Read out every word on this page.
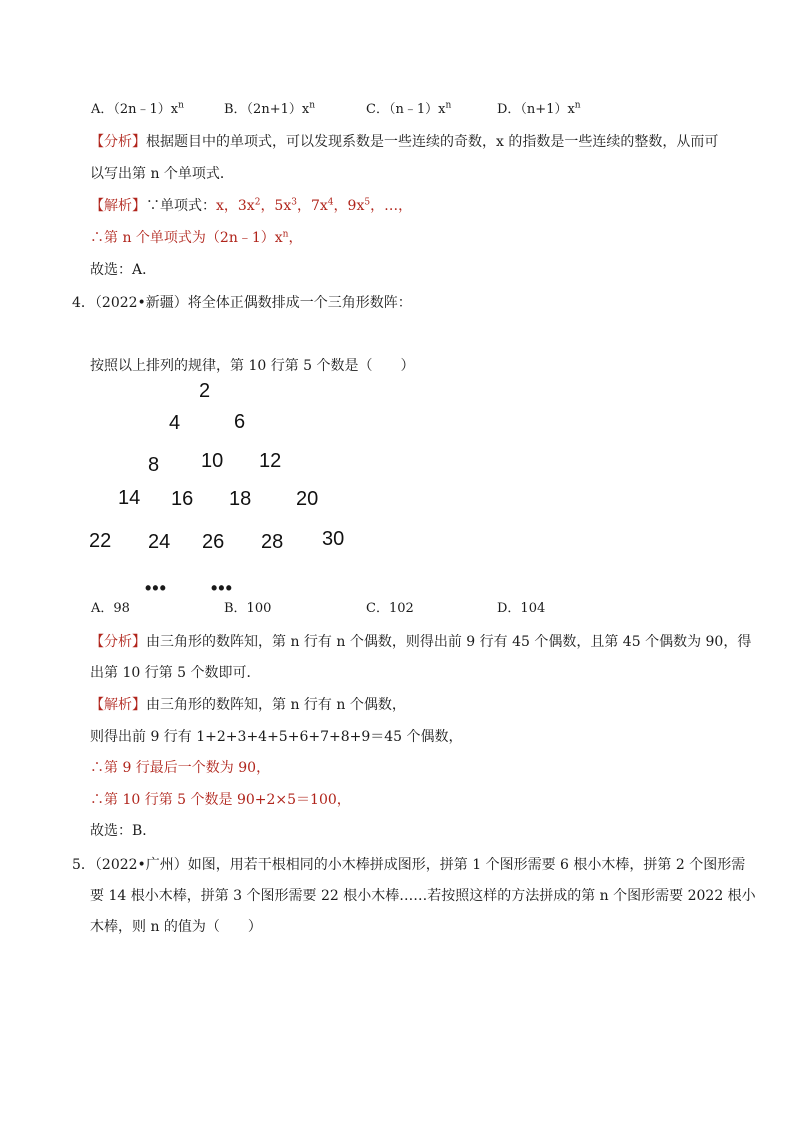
A．$(2n﹣1)x^n$	B．$(2n+1)x^n$	C．$(n﹣1)x^n$	D．$(n+1)x^n$
【分析】根据题目中的单项式，可以发现系数是一些连续的奇数，x 的指数是一些连续的整数，从而可
以写出第 n 个单项式．
【解析】∵单项式：x，$3x^2$，$5x^3$，$7x^4$，$9x^5$，…，
∴第 n 个单项式为$(2n﹣1)x^n$，
故选：A．
4．（2022•新疆）将全体正偶数排成一个三角形数阵：
按照以上排列的规律，第 10 行第 5 个数是（　　）
2
4	6
8 10 12
14 16 18 20
22 24 26 28 30
••• •••
A．98	B．100	C．102	D．104
【分析】由三角形的数阵知，第 n 行有 n 个偶数，则得出前 9 行有 45 个偶数，且第 45 个偶数为 90，得
出第 10 行第 5 个数即可．
【解析】由三角形的数阵知，第 n 行有 n 个偶数，
则得出前 9 行有 1+2+3+4+5+6+7+8+9＝45 个偶数，
∴第 9 行最后一个数为 90，
∴第 10 行第 5 个数是 90+2×5＝100，
故选：B．
5．（2022•广州）如图，用若干根相同的小木棒拼成图形，拼第 1 个图形需要 6 根小木棒，拼第 2 个图形需
要 14 根小木棒，拼第 3 个图形需要 22 根小木棒……若按照这样的方法拼成的第 n 个图形需要 2022 根小
木棒，则 n 的值为（　　）
